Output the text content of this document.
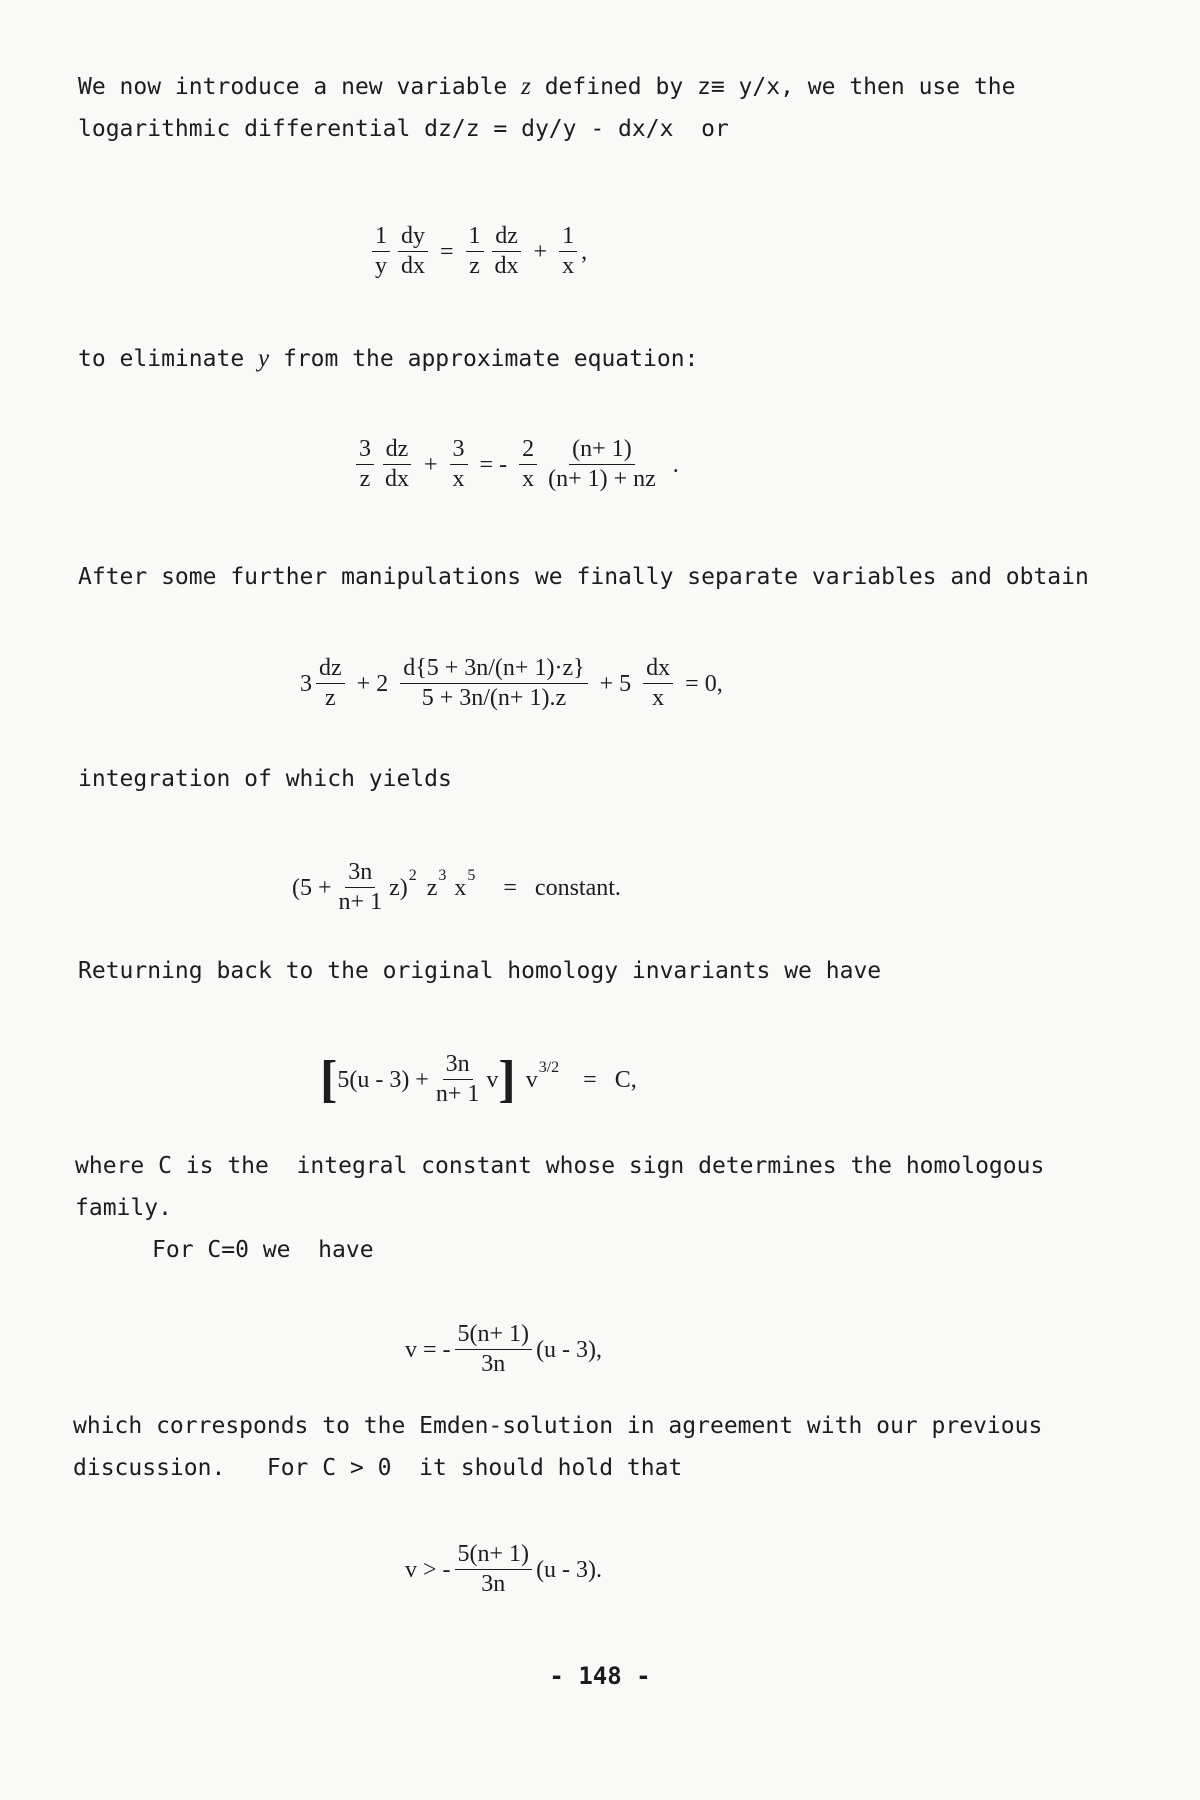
We now introduce a new variable z defined by z≡ y/x, we then use the
logarithmic differential dz/z = dy/y - dx/x  or
$\frac{1}{y} \frac{dy}{dx} = \frac{1}{z} \frac{dz}{dx} + \frac{1}{x}$ ,
to eliminate y from the approximate equation:
$\frac{3}{z} \frac{dz}{dx} + \frac{3}{x}$ = - $\frac{2}{x} \frac{(n+ 1)}{(n+ 1) + nz}$ .
After some further manipulations we finally separate variables and obtain
$3 \frac{dz}{z} + 2 \frac{d\{5 + 3n/(n+ 1)\cdot z\}}{5 + 3n/(n+ 1).z} + 5 \frac{dx}{x} = 0$,
integration of which yields
$(5 + \frac{3n}{n+ 1} z)$ 2 z 3 x 5 =   constant.
Returning back to the original homology invariants we have
[ $5(u - 3) + \frac{3n}{n+ 1}$ v ] v 3/2 =   C,
where C is the  integral constant whose sign determines the homologous
family.
For C=0 we  have
v = - $\frac{5(n+ 1)}{3n} (u - 3)$,
which corresponds to the Emden-solution in agreement with our previous
discussion.   For C > 0  it should hold that
v > - $\frac{5(n+ 1)}{3n} (u - 3)$.
- 148 -
